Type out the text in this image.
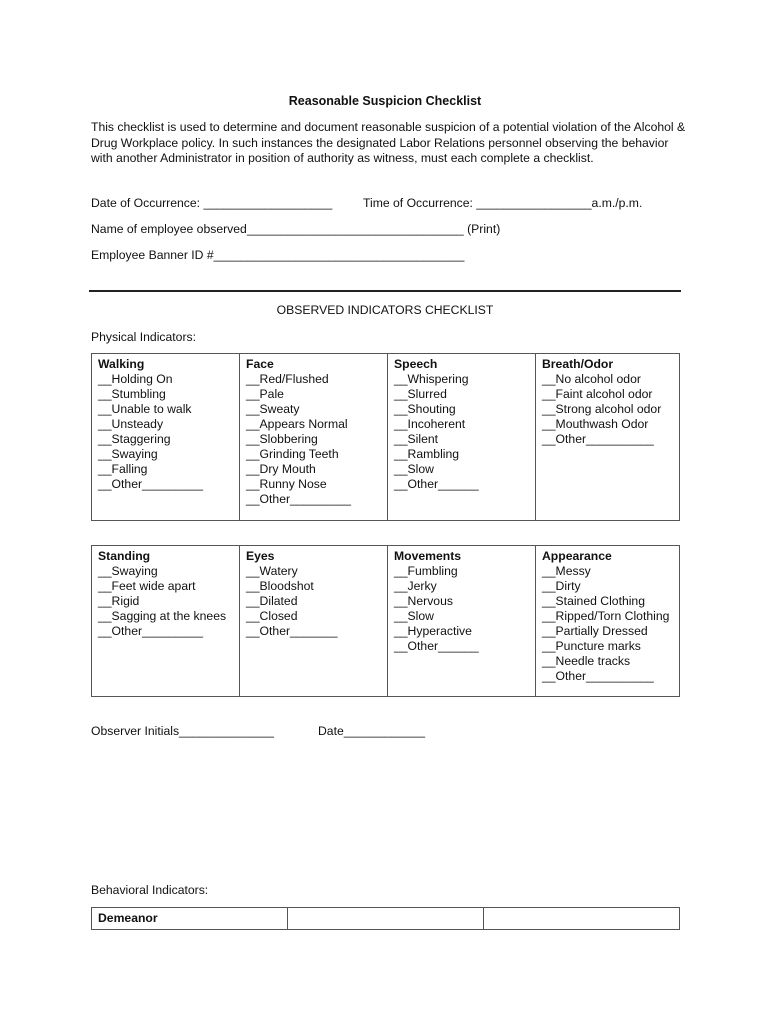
Reasonable Suspicion Checklist
This checklist is used to determine and document reasonable suspicion of a potential violation of the Alcohol & Drug Workplace policy. In such instances the designated Labor Relations personnel observing the behavior with another Administrator in position of authority as witness, must each complete a checklist.
Date of Occurrence: ___________________	Time of Occurrence: _________________a.m./p.m.
Name of employee observed________________________________ (Print)
Employee Banner ID #_____________________________________
OBSERVED INDICATORS CHECKLIST
Physical Indicators:
Walking
__Holding On
__Stumbling
__Unable to walk
__Unsteady
__Staggering
__Swaying
__Falling
__Other_________

Face
__Red/Flushed
__Pale
__Sweaty
__Appears Normal
__Slobbering
__Grinding Teeth
__Dry Mouth
__Runny Nose
__Other_________

Speech
__Whispering
__Slurred
__Shouting
__Incoherent
__Silent
__Rambling
__Slow
__Other______

Breath/Odor
__No alcohol odor
__Faint alcohol odor
__Strong alcohol odor
__Mouthwash Odor
__Other__________
Standing
__Swaying
__Feet wide apart
__Rigid
__Sagging at the knees
__Other_________

Eyes
__Watery
__Bloodshot
__Dilated
__Closed
__Other_______

Movements
__Fumbling
__Jerky
__Nervous
__Slow
__Hyperactive
__Other______

Appearance
__Messy
__Dirty
__Stained Clothing
__Ripped/Torn Clothing
__Partially Dressed
__Puncture marks
__Needle tracks
__Other__________
Observer Initials______________	Date____________
Behavioral Indicators:
Demeanor
